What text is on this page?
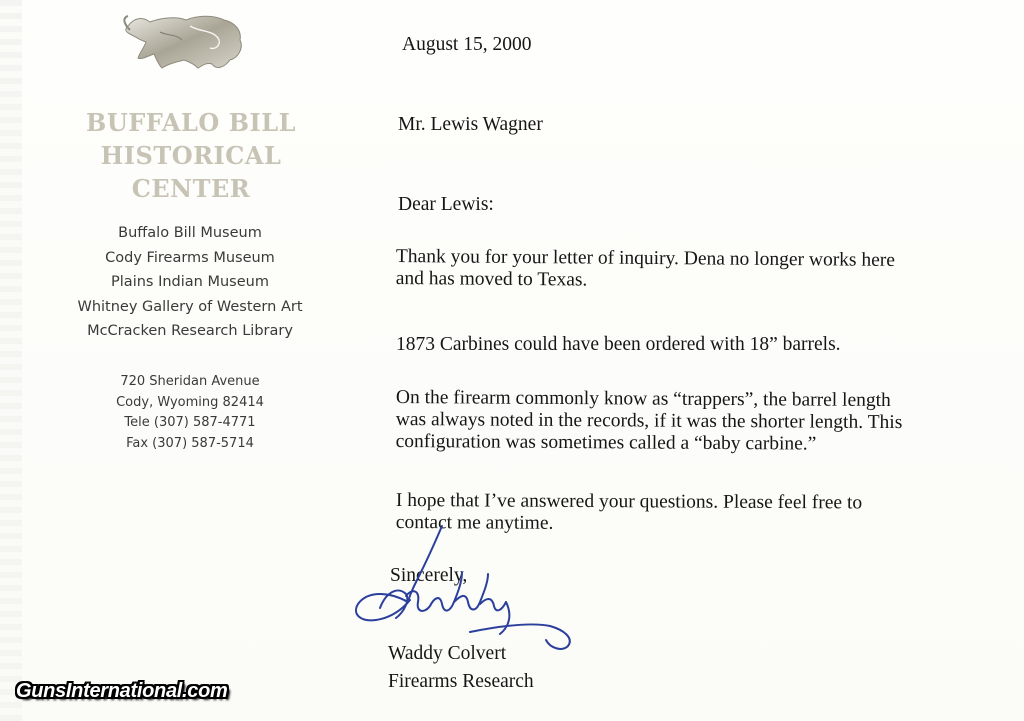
BUFFALO BILL
HISTORICAL
CENTER
Buffalo Bill Museum
Cody Firearms Museum
Plains Indian Museum
Whitney Gallery of Western Art
McCracken Research Library
720 Sheridan Avenue
Cody, Wyoming 82414
Tele (307) 587-4771
Fax (307) 587-5714
August 15, 2000
Mr. Lewis Wagner
Dear Lewis:
Thank you for your letter of inquiry. Dena no longer works here
and has moved to Texas.
1873 Carbines could have been ordered with 18” barrels.
On the firearm commonly know as “trappers”, the barrel length
was always noted in the records, if it was the shorter length. This
configuration was sometimes called a “baby carbine.”
I hope that I’ve answered your questions. Please feel free to
contact me anytime.
Sincerely,
Waddy Colvert
Firearms Research
GunsInternational.com
